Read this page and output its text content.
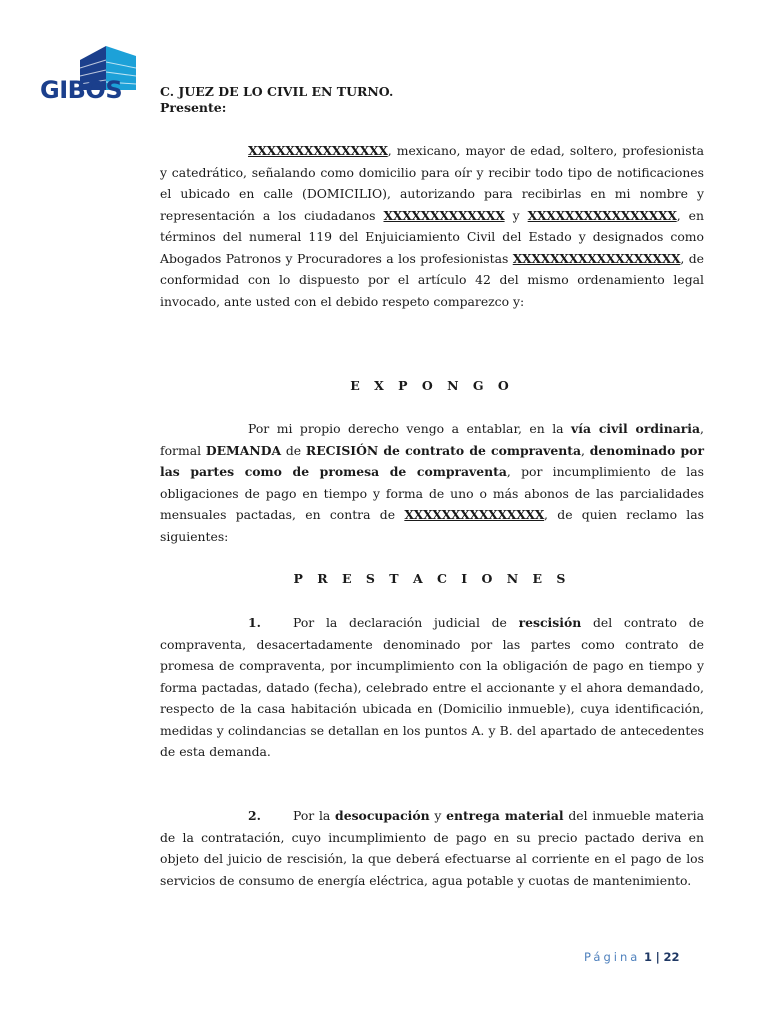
GIBOS	C. JUEZ DE LO CIVIL EN TURNO.
Presente:

XXXXXXXXXXXXXXX, mexicano, mayor de edad, soltero, profesionista y catedrático, señalando como domicilio para oír y recibir todo tipo de notificaciones el ubicado en calle (DOMICILIO), autorizando para recibirlas en mi nombre y representación a los ciudadanos XXXXXXXXXXXXX y XXXXXXXXXXXXXXXX, en términos del numeral 119 del Enjuiciamiento Civil del Estado y designados como Abogados Patronos y Procuradores a los profesionistas XXXXXXXXXXXXXXXXXX, de conformidad con lo dispuesto por el artículo 42 del mismo ordenamiento legal invocado, ante usted con el debido respeto comparezco y:

E X P O N G O

Por mi propio derecho vengo a entablar, en la vía civil ordinaria, formal DEMANDA de RECISIÓN de contrato de compraventa, denominado por las partes como de promesa de compraventa, por incumplimiento de las obligaciones de pago en tiempo y forma de uno o más abonos de las parcialidades mensuales pactadas, en contra de XXXXXXXXXXXXXXX, de quien reclamo las siguientes:

P R E S T A C I O N E S

1.	Por la declaración judicial de rescisión del contrato de compraventa, desacertadamente denominado por las partes como contrato de promesa de compraventa, por incumplimiento con la obligación de pago en tiempo y forma pactadas, datado (fecha), celebrado entre el accionante y el ahora demandado, respecto de la casa habitación ubicada en (Domicilio inmueble), cuya identificación, medidas y colindancias se detallan en los puntos A. y B. del apartado de antecedentes de esta demanda.

2.	Por la desocupación y entrega material del inmueble materia de la contratación, cuyo incumplimiento de pago en su precio pactado deriva en objeto del juicio de rescisión, la que deberá efectuarse al corriente en el pago de los servicios de consumo de energía eléctrica, agua potable y cuotas de mantenimiento.

Página 1 | 22
